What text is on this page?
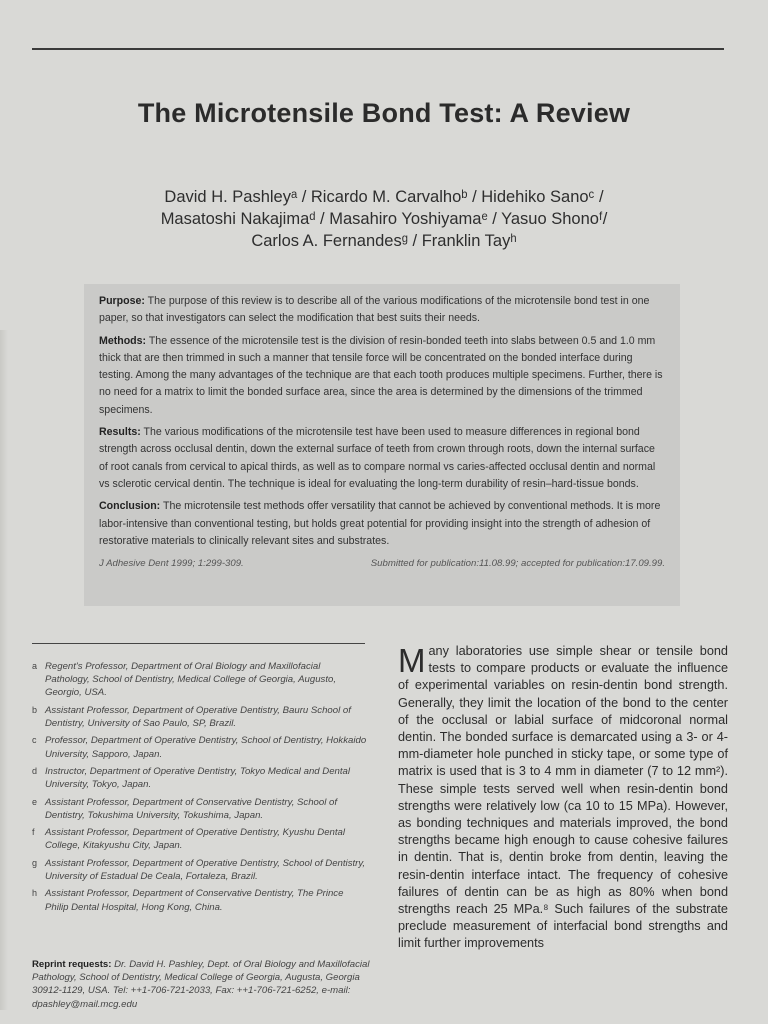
The Microtensile Bond Test: A Review
David H. Pashleyᵃ / Ricardo M. Carvalhoᵇ / Hidehiko Sanoᶜ /
Masatoshi Nakajimaᵈ / Masahiro Yoshiyamaᵉ / Yasuo Shonoᶠ/
Carlos A. Fernandesᵍ / Franklin Tayʰ

Purpose: The purpose of this review is to describe all of the various modifications of the microtensile bond test in one paper, so that investigators can select the modification that best suits their needs.

Methods: The essence of the microtensile test is the division of resin-bonded teeth into slabs between 0.5 and 1.0 mm thick that are then trimmed in such a manner that tensile force will be concentrated on the bonded interface during testing. Among the many advantages of the technique are that each tooth produces multiple specimens. Further, there is no need for a matrix to limit the bonded surface area, since the area is determined by the dimensions of the trimmed specimens.

Results: The various modifications of the microtensile test have been used to measure differences in regional bond strength across occlusal dentin, down the external surface of teeth from crown through roots, down the internal surface of root canals from cervical to apical thirds, as well as to compare normal vs caries-affected occlusal dentin and normal vs sclerotic cervical dentin. The technique is ideal for evaluating the long-term durability of resin–hard-tissue bonds.

Conclusion: The microtensile test methods offer versatility that cannot be achieved by conventional methods. It is more labor-intensive than conventional testing, but holds great potential for providing insight into the strength of adhesion of restorative materials to clinically relevant sites and substrates.

J Adhesive Dent 1999; 1:299-309.	Submitted for publication:11.08.99; accepted for publication:17.09.99.
a Regent's Professor, Department of Oral Biology and Maxillofacial Pathology, School of Dentistry, Medical College of Georgia, Augusto, Georgio, USA.
b Assistant Professor, Department of Operative Dentistry, Bauru School of Dentistry, University of Sao Paulo, SP, Brazil.
c Professor, Department of Operative Dentistry, School of Dentistry, Hokkaido University, Sapporo, Japan.
d Instructor, Department of Operative Dentistry, Tokyo Medical and Dental University, Tokyo, Japan.
e Assistant Professor, Department of Conservative Dentistry, School of Dentistry, Tokushima University, Tokushima, Japan.
f	Assistant Professor, Department of Operative Dentistry, Kyushu Dental College, Kitakyushu City, Japan.
g Assistant Professor, Department of Operative Dentistry, School of Dentistry, University of Estadual De Ceala, Fortaleza, Brazil.
h Assistant Professor, Department of Conservative Dentistry, The Prince Philip Dental Hospital, Hong Kong, China.
Reprint requests: Dr. David H. Pashley, Dept. of Oral Biology and Maxillofacial Pathology, School of Dentistry, Medical College of Georgia, Augusta, Georgia 30912-1129, USA. Tel: ++1-706-721-2033, Fax: ++1-706-721-6252, e-mail: dpashley@mail.mcg.edu
Many laboratories use simple shear or tensile bond tests to compare products or evaluate the influence of experimental variables on resin-dentin bond strength. Generally, they limit the location of the bond to the center of the occlusal or labial surface of midcoronal normal dentin. The bonded surface is demarcated using a 3- or 4-mm-diameter hole punched in sticky tape, or some type of matrix is used that is 3 to 4 mm in diameter (7 to 12 mm²). These simple tests served well when resin-dentin bond strengths were relatively low (ca 10 to 15 MPa). However, as bonding techniques and materials improved, the bond strengths became high enough to cause cohesive failures in dentin. That is, dentin broke from dentin, leaving the resin-dentin interface intact. The frequency of cohesive failures of dentin can be as high as 80% when bond strengths reach 25 MPa.⁸ Such failures of the substrate preclude measurement of interfacial bond strengths and limit further improvements
